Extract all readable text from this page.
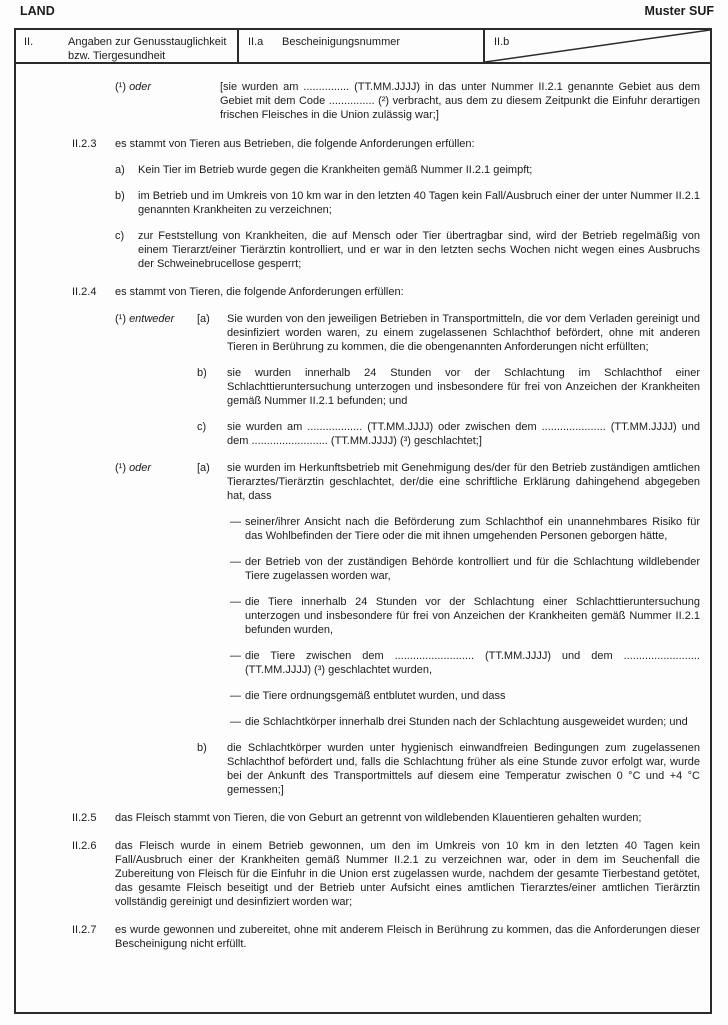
LAND	Muster SUF
II.	Angaben zur Genusstauglichkeit bzw. Tiergesundheit
II.a	Bescheinigungsnummer	II.b
(¹) oder	[sie wurden am ............... (TT.MM.JJJJ) in das unter Nummer II.2.1 genannte Gebiet aus dem Gebiet mit dem Code ............... (²) verbracht, aus dem zu diesem Zeitpunkt die Einfuhr derartigen frischen Fleisches in die Union zulässig war;]
II.2.3	es stammt von Tieren aus Betrieben, die folgende Anforderungen erfüllen:
a)	Kein Tier im Betrieb wurde gegen die Krankheiten gemäß Nummer II.2.1 geimpft;
b)	im Betrieb und im Umkreis von 10 km war in den letzten 40 Tagen kein Fall/Ausbruch einer der unter Nummer II.2.1 genannten Krankheiten zu verzeichnen;
c)	zur Feststellung von Krankheiten, die auf Mensch oder Tier übertragbar sind, wird der Betrieb regelmäßig von einem Tierarzt/einer Tierärztin kontrolliert, und er war in den letzten sechs Wochen nicht wegen eines Ausbruchs der Schweinebrucellose gesperrt;
II.2.4	es stammt von Tieren, die folgende Anforderungen erfüllen:
(¹) entweder	[a)	Sie wurden von den jeweiligen Betrieben in Transportmitteln, die vor dem Verladen gereinigt und desinfiziert worden waren, zu einem zugelassenen Schlachthof befördert, ohne mit anderen Tieren in Berührung zu kommen, die die obengenannten Anforderungen nicht erfüllten;
b)	sie wurden innerhalb 24 Stunden vor der Schlachtung im Schlachthof einer Schlachttieruntersuchung unterzogen und insbesondere für frei von Anzeichen der Krankheiten gemäß Nummer II.2.1 befunden; und
c)	sie wurden am .................. (TT.MM.JJJJ) oder zwischen dem ..................... (TT.MM.JJJJ) und dem ......................... (TT.MM.JJJJ) (³) geschlachtet;]
(¹) oder	[a)	sie wurden im Herkunftsbetrieb mit Genehmigung des/der für den Betrieb zuständigen amtlichen Tierarztes/Tierärztin geschlachtet, der/die eine schriftliche Erklärung dahingehend abgegeben hat, dass
— seiner/ihrer Ansicht nach die Beförderung zum Schlachthof ein unannehmbares Risiko für das Wohlbefinden der Tiere oder die mit ihnen umgehenden Personen geborgen hätte,
— der Betrieb von der zuständigen Behörde kontrolliert und für die Schlachtung wildlebender Tiere zugelassen worden war,
— die Tiere innerhalb 24 Stunden vor der Schlachtung einer Schlachttieruntersuchung unterzogen und insbesondere für frei von Anzeichen der Krankheiten gemäß Nummer II.2.1 befunden wurden,
— die Tiere zwischen dem .......................... (TT.MM.JJJJ) und dem ......................... (TT.MM.JJJJ) (³) geschlachtet wurden,
— die Tiere ordnungsgemäß entblutet wurden, und dass
— die Schlachtkörper innerhalb drei Stunden nach der Schlachtung ausgeweidet wurden; und
b)	die Schlachtkörper wurden unter hygienisch einwandfreien Bedingungen zum zugelassenen Schlachthof befördert und, falls die Schlachtung früher als eine Stunde zuvor erfolgt war, wurde bei der Ankunft des Transportmittels auf diesem eine Temperatur zwischen 0 °C und +4 °C gemessen;]
II.2.5	das Fleisch stammt von Tieren, die von Geburt an getrennt von wildlebenden Klauentieren gehalten wurden;
II.2.6	das Fleisch wurde in einem Betrieb gewonnen, um den im Umkreis von 10 km in den letzten 40 Tagen kein Fall/Ausbruch einer der Krankheiten gemäß Nummer II.2.1 zu verzeichnen war, oder in dem im Seuchenfall die Zubereitung von Fleisch für die Einfuhr in die Union erst zugelassen wurde, nachdem der gesamte Tierbestand getötet, das gesamte Fleisch beseitigt und der Betrieb unter Aufsicht eines amtlichen Tierarztes/einer amtlichen Tierärztin vollständig gereinigt und desinfiziert worden war;
II.2.7	es wurde gewonnen und zubereitet, ohne mit anderem Fleisch in Berührung zu kommen, das die Anforderungen dieser Bescheinigung nicht erfüllt.
